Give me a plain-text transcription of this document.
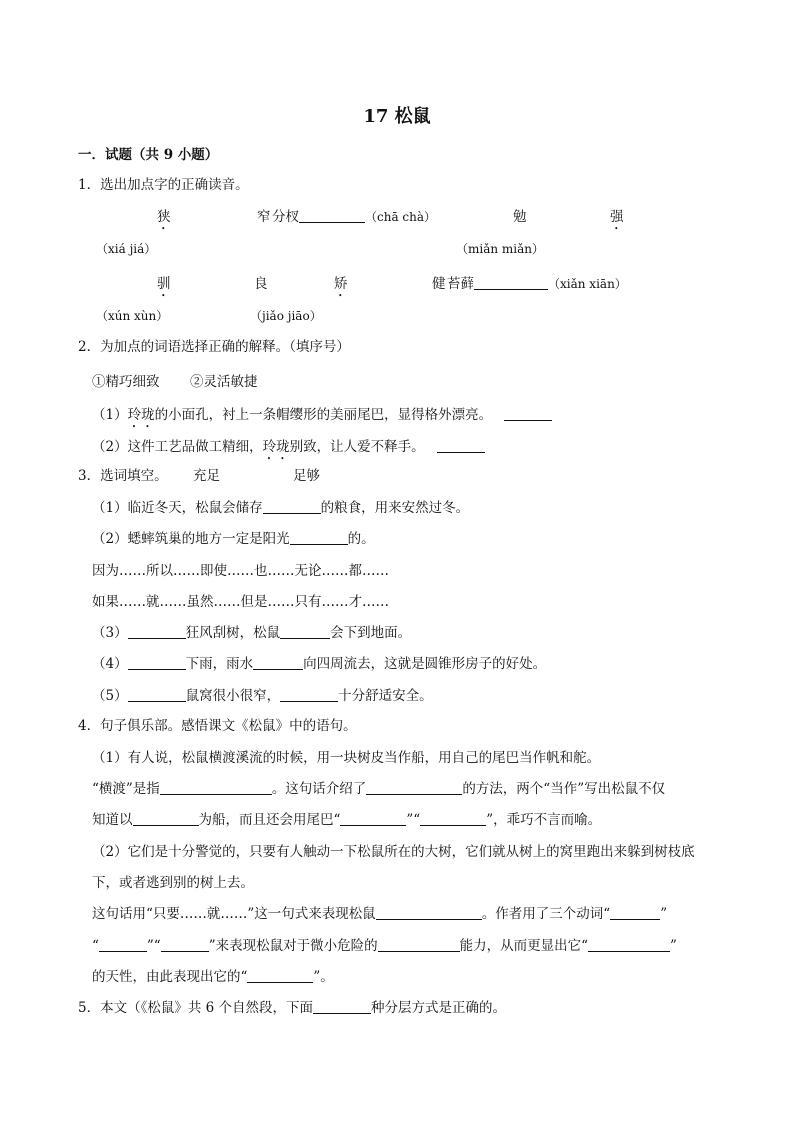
17 松鼠
一．试题（共 9 小题）
1．选出加点字的正确读音。
狭	窄 分杈	（chā chà）	勉	强
（xiá jiá）	（miǎn miǎn）
驯	良	矫	健 苔藓	（xiǎn xiān）
（xún xùn）	（jiǎo jiāo）
2．为加点的词语选择正确的解释。（填序号）
①精巧细致 ②灵活敏捷
（1）玲珑的小面孔，衬上一条帽缨形的美丽尾巴，显得格外漂亮。
（2）这件工艺品做工精细，玲珑别致，让人爱不释手。
3．选词填空。 充足	足够
（1）临近冬天，松鼠会储存	的粮食，用来安然过冬。
（2）蟋蟀筑巢的地方一定是阳光	的。
因为……所以……即使……也……无论……都……
如果……就……虽然……但是……只有……才……
（3）	狂风刮树，松鼠	会下到地面。
（4）	下雨，雨水	向四周流去，这就是圆锥形房子的好处。
（5）	鼠窝很小很窄，	十分舒适安全。
4．句子俱乐部。感悟课文《松鼠》中的语句。
（1）有人说，松鼠横渡溪流的时候，用一块树皮当作船，用自己的尾巴当作帆和舵。
“横渡”是指	。这句话介绍了	的方法，两个“当作”写出松鼠不仅
知道以	为船，而且还会用尾巴“	”“	”，乖巧不言而喻。
（2）它们是十分警觉的，只要有人触动一下松鼠所在的大树，它们就从树上的窝里跑出来躲到树枝底
下，或者逃到别的树上去。
这句话用“只要……就……”这一句式来表现松鼠	。作者用了三个动词“	”
“	”“	”来表现松鼠对于微小危险的	能力，从而更显出它“	”
的天性，由此表现出它的“	”。
5．本文（《松鼠》共 6 个自然段，下面	种分层方式是正确的。
